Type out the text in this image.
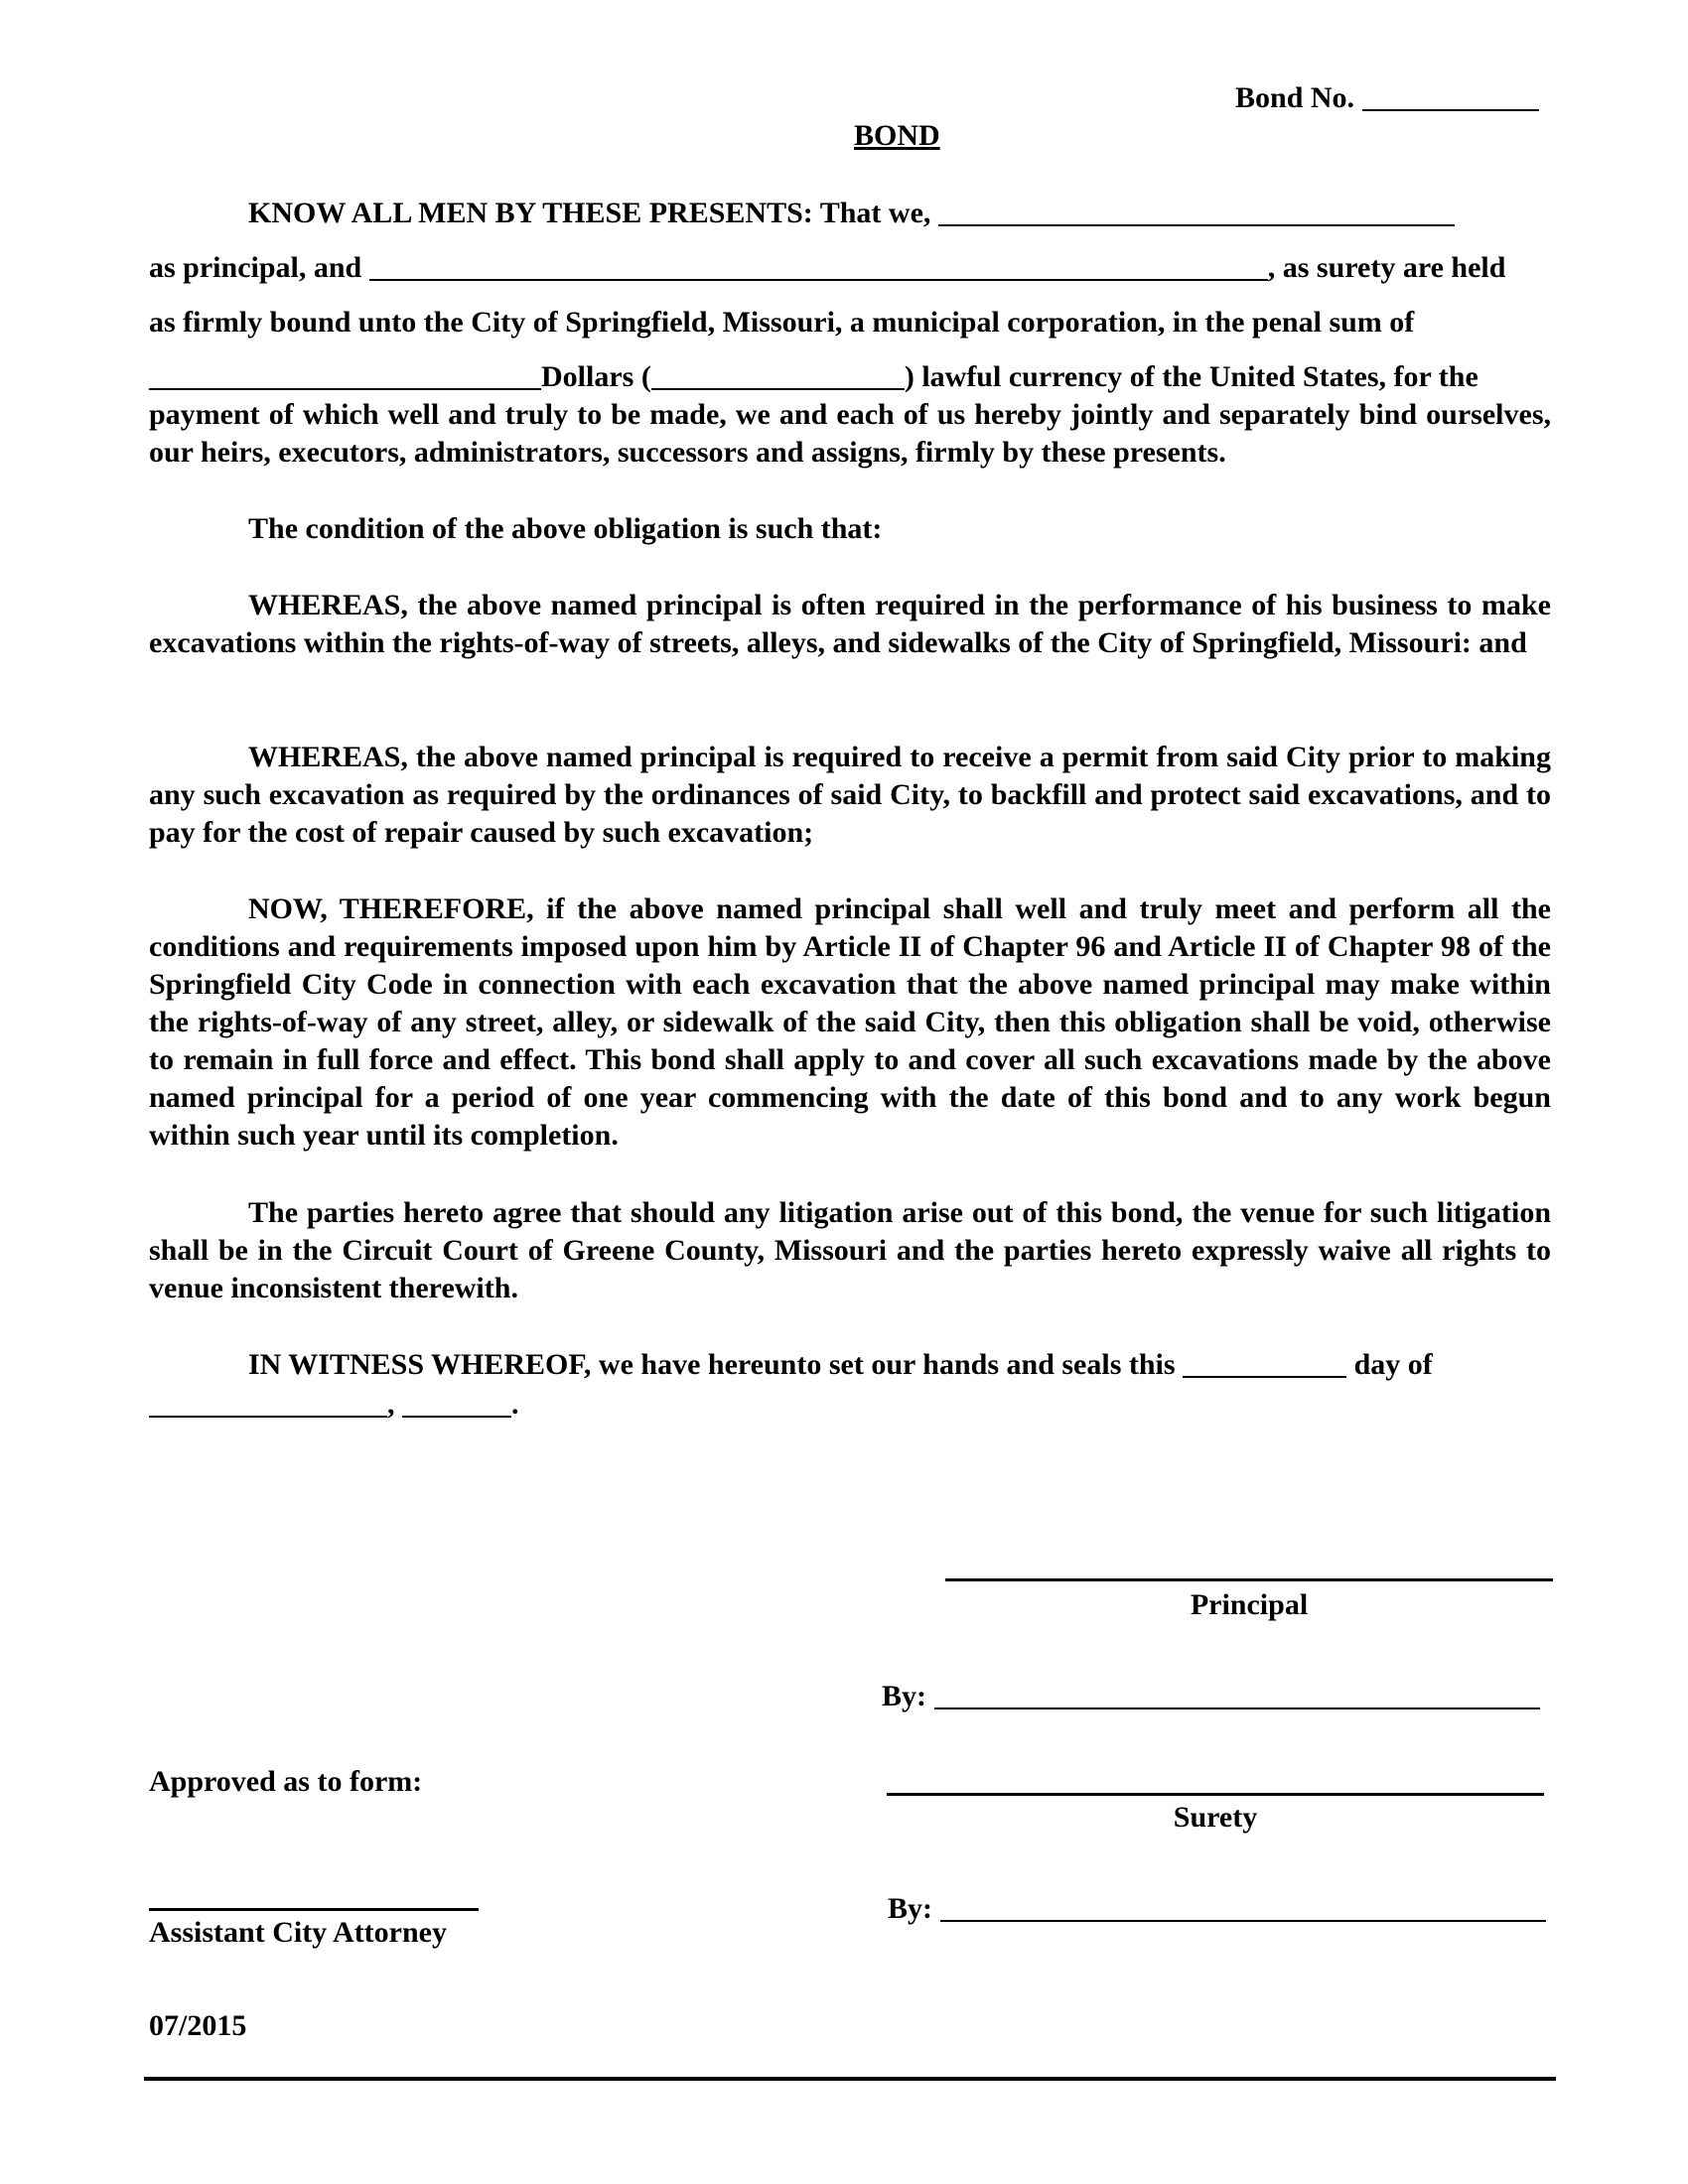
Bond No.
BOND
KNOW ALL MEN BY THESE PRESENTS: That we,
as principal, and	, as surety are held
as firmly bound unto the City of Springfield, Missouri, a municipal corporation, in the penal sum of
Dollars (	) lawful currency of the United States, for the
payment of which well and truly to be made, we and each of us hereby jointly and separately bind ourselves, our heirs, executors, administrators, successors and assigns, firmly by these presents.
The condition of the above obligation is such that:
WHEREAS, the above named principal is often required in the performance of his business to make excavations within the rights-of-way of streets, alleys, and sidewalks of the City of Springfield, Missouri: and
WHEREAS, the above named principal is required to receive a permit from said City prior to making any such excavation as required by the ordinances of said City, to backfill and protect said excavations, and to pay for the cost of repair caused by such excavation;
NOW, THEREFORE, if the above named principal shall well and truly meet and perform all the conditions and requirements imposed upon him by Article II of Chapter 96 and Article II of Chapter 98 of the Springfield City Code in connection with each excavation that the above named principal may make within the rights-of-way of any street, alley, or sidewalk of the said City, then this obligation shall be void, otherwise to remain in full force and effect. This bond shall apply to and cover all such excavations made by the above named principal for a period of one year commencing with the date of this bond and to any work begun within such year until its completion.
The parties hereto agree that should any litigation arise out of this bond, the venue for such litigation shall be in the Circuit Court of Greene County, Missouri and the parties hereto expressly waive all rights to venue inconsistent therewith.
IN WITNESS WHEREOF, we have hereunto set our hands and seals this	day of
,	.
Principal
By:
Approved as to form:
Surety
By:
Assistant City Attorney
07/2015
